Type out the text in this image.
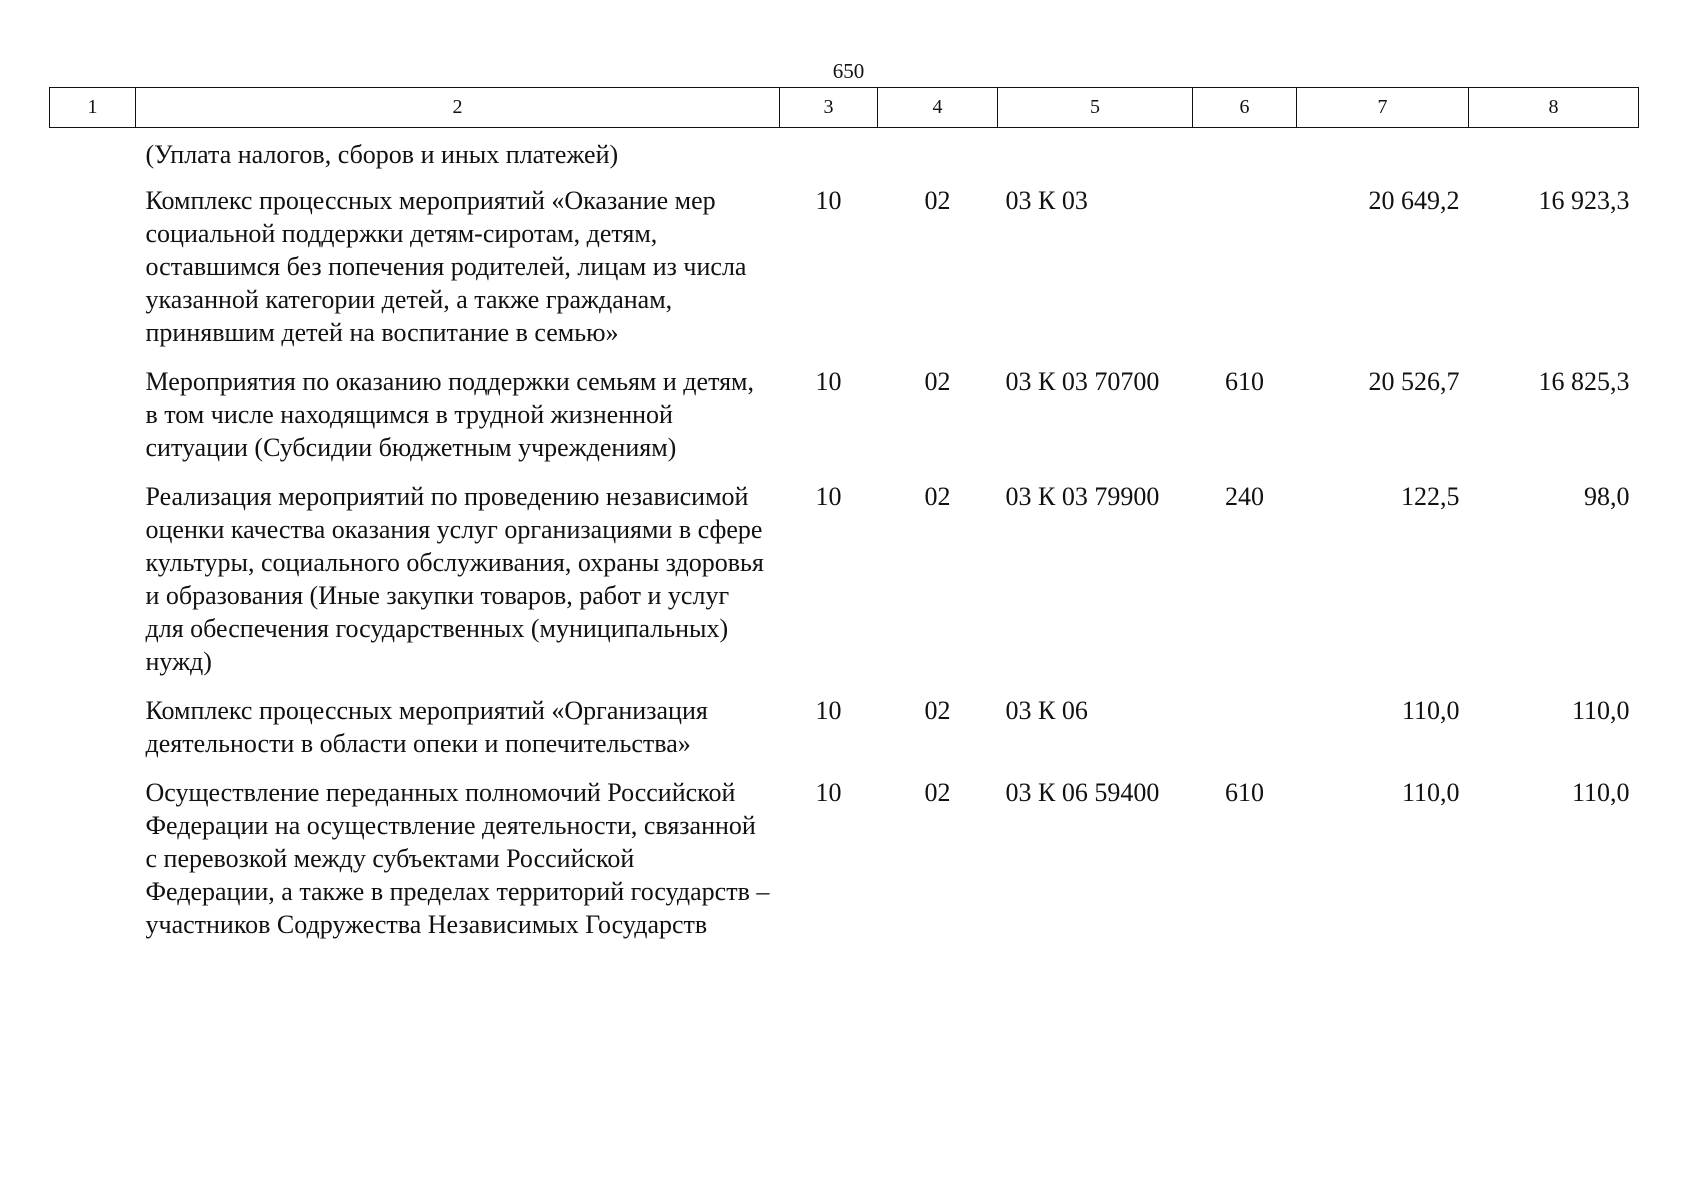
650
1	2	3	4	5	6	7	8
	(Уплата налогов, сборов и иных платежей)						
	Комплекс процессных мероприятий «Оказание мер социальной поддержки детям-сиротам, детям, оставшимся без попечения родителей, лицам из числа указанной категории детей, а также гражданам, принявшим детей на воспитание в семью»	10	02	03 К 03		20 649,2	16 923,3
	Мероприятия по оказанию поддержки семьям и детям, в том числе находящимся в трудной жизненной ситуации (Субсидии бюджетным учреждениям)	10	02	03 К 03 70700	610	20 526,7	16 825,3
	Реализация мероприятий по проведению независимой оценки качества оказания услуг организациями в сфере культуры, социального обслуживания, охраны здоровья и образования (Иные закупки товаров, работ и услуг для обеспечения государственных (муниципальных) нужд)	10	02	03 К 03 79900	240	122,5	98,0
	Комплекс процессных мероприятий «Организация деятельности в области опеки и попечительства»	10	02	03 К 06		110,0	110,0
	Осуществление переданных полномочий Российской Федерации на осуществление деятельности, связанной с перевозкой между субъектами Российской Федерации, а также в пределах территорий государств – участников Содружества Независимых Государств	10	02	03 К 06 59400	610	110,0	110,0
